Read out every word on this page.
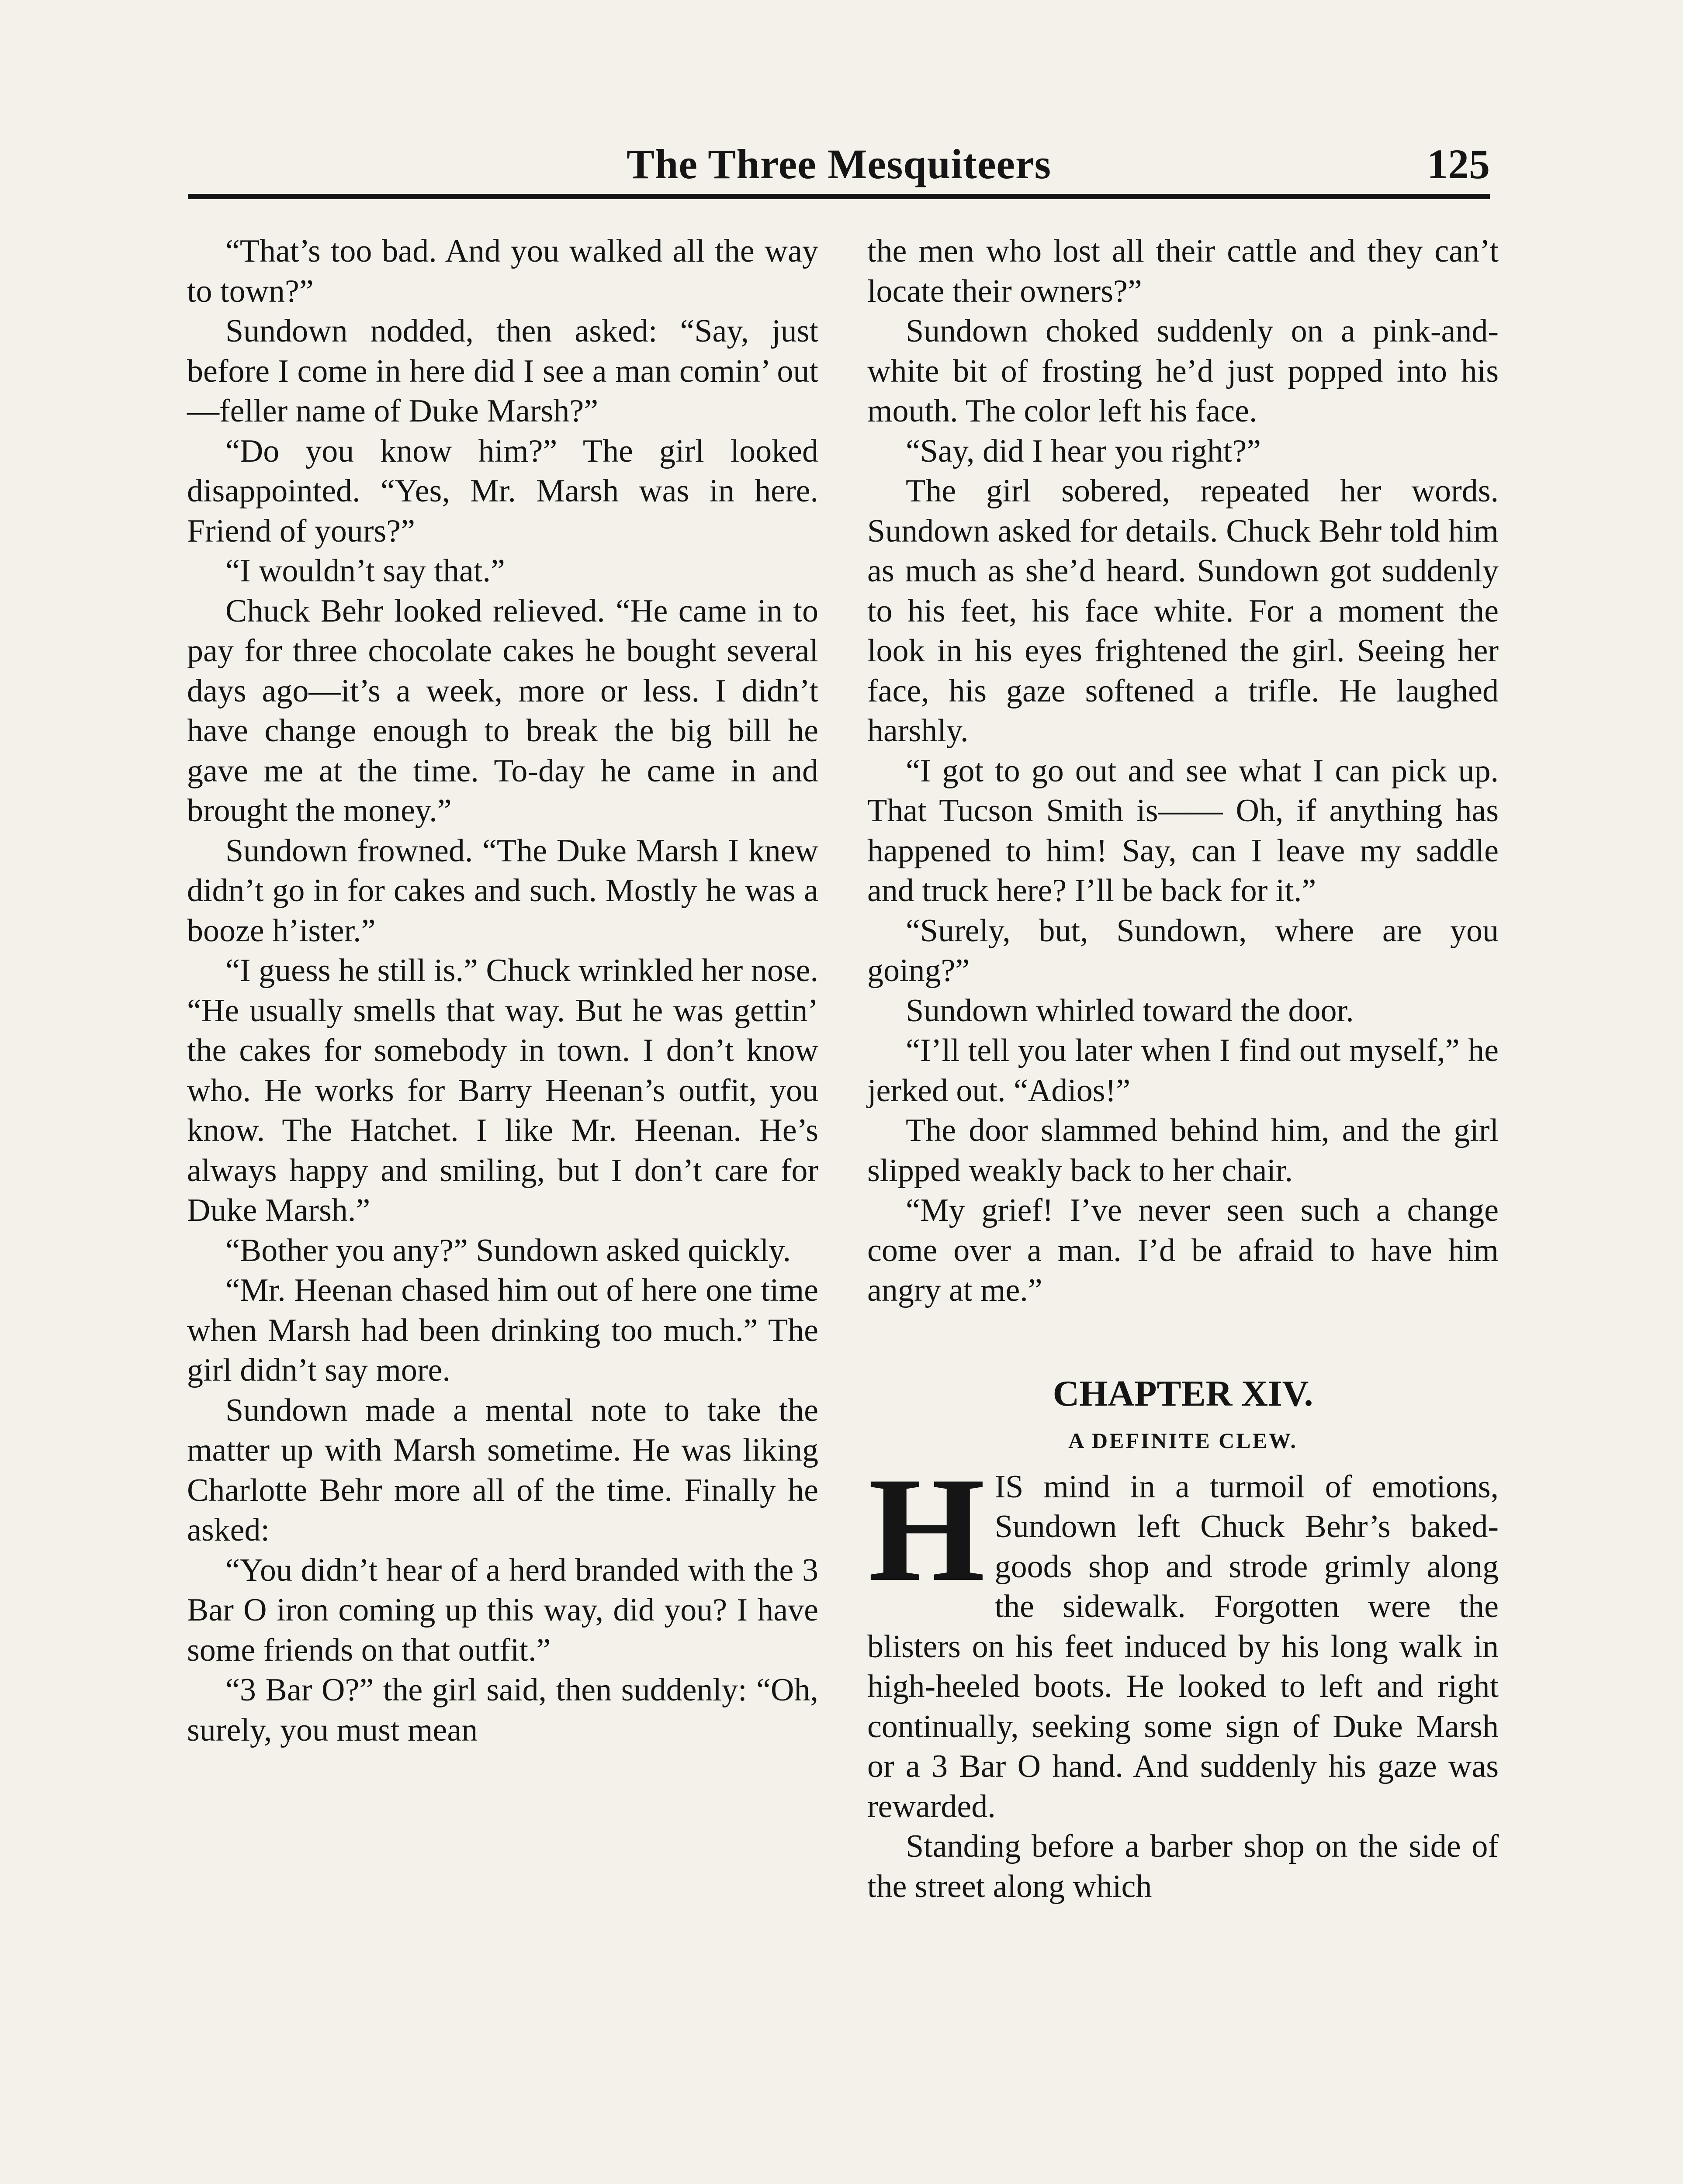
The Three Mesquiteers	125

“That’s too bad. And you walked all the way to town?”

Sundown nodded, then asked: “Say, just before I come in here did I see a man comin’ out—feller name of Duke Marsh?”

“Do you know him?” The girl looked disappointed. “Yes, Mr. Marsh was in here. Friend of yours?”

“I wouldn’t say that.”

Chuck Behr looked relieved. “He came in to pay for three chocolate cakes he bought several days ago—it’s a week, more or less. I didn’t have change enough to break the big bill he gave me at the time. To-day he came in and brought the money.”

Sundown frowned. “The Duke Marsh I knew didn’t go in for cakes and such. Mostly he was a booze h’ister.”

“I guess he still is.” Chuck wrinkled her nose. “He usually smells that way. But he was gettin’ the cakes for somebody in town. I don’t know who. He works for Barry Heenan’s outfit, you know. The Hatchet. I like Mr. Heenan. He’s always happy and smiling, but I don’t care for Duke Marsh.”

“Bother you any?” Sundown asked quickly.

“Mr. Heenan chased him out of here one time when Marsh had been drinking too much.” The girl didn’t say more.

Sundown made a mental note to take the matter up with Marsh sometime. He was liking Charlotte Behr more all of the time. Finally he asked:

“You didn’t hear of a herd branded with the 3 Bar O iron coming up this way, did you? I have some friends on that outfit.”

“3 Bar O?” the girl said, then suddenly: “Oh, surely, you must mean

the men who lost all their cattle and they can’t locate their owners?”

Sundown choked suddenly on a pink-and-white bit of frosting he’d just popped into his mouth. The color left his face.

“Say, did I hear you right?”

The girl sobered, repeated her words. Sundown asked for details. Chuck Behr told him as much as she’d heard. Sundown got suddenly to his feet, his face white. For a moment the look in his eyes frightened the girl. Seeing her face, his gaze softened a trifle. He laughed harshly.

“I got to go out and see what I can pick up. That Tucson Smith is—— Oh, if anything has happened to him! Say, can I leave my saddle and truck here? I’ll be back for it.”

“Surely, but, Sundown, where are you going?”

Sundown whirled toward the door.

“I’ll tell you later when I find out myself,” he jerked out. “Adios!”

The door slammed behind him, and the girl slipped weakly back to her chair.

“My grief! I’ve never seen such a change come over a man. I’d be afraid to have him angry at me.”

CHAPTER XIV.
A DEFINITE CLEW.

HIS mind in a turmoil of emotions, Sundown left Chuck Behr’s baked-goods shop and strode grimly along the sidewalk. Forgotten were the blisters on his feet induced by his long walk in high-heeled boots. He looked to left and right continually, seeking some sign of Duke Marsh or a 3 Bar O hand. And suddenly his gaze was rewarded.

Standing before a barber shop on the side of the street along which
